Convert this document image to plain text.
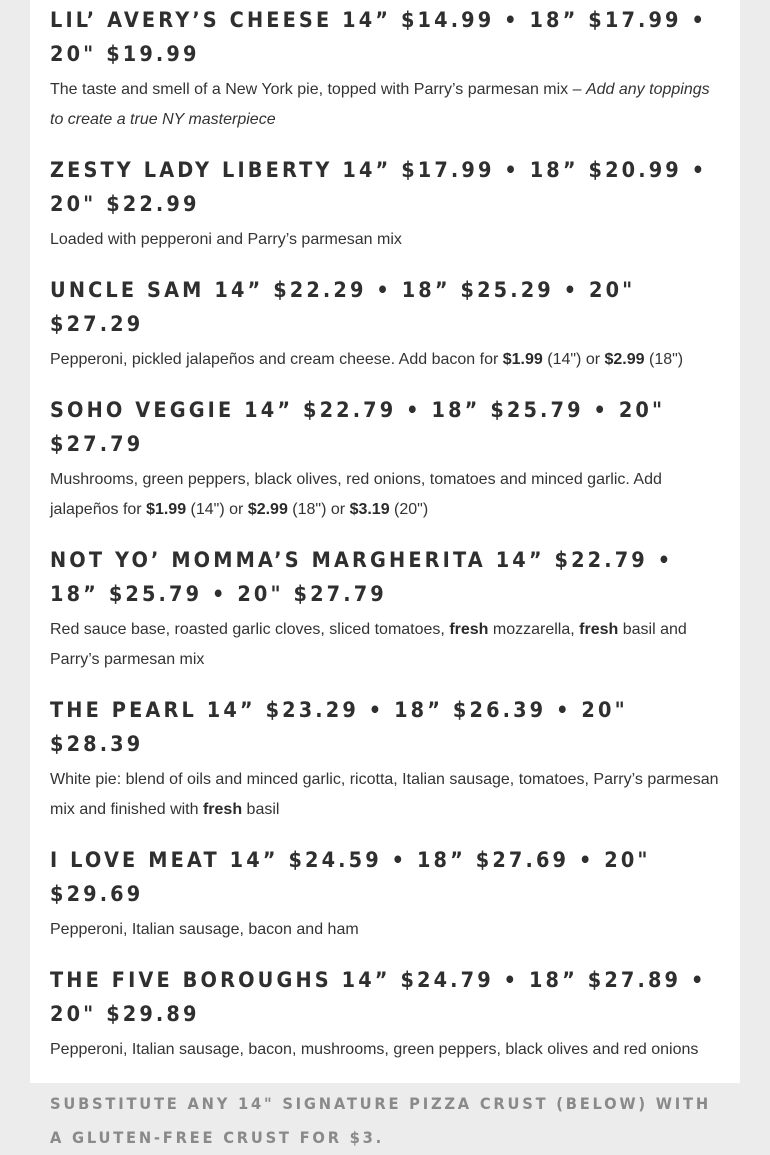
LIL’ AVERY’S CHEESE 14” $14.99 • 18” $17.99 • 20" $19.99

The taste and smell of a New York pie, topped with Parry’s parmesan mix – Add any toppings to create a true NY masterpiece

ZESTY LADY LIBERTY 14” $17.99 • 18” $20.99 • 20" $22.99

Loaded with pepperoni and Parry’s parmesan mix

UNCLE SAM 14” $22.29 • 18” $25.29 • 20" $27.29

Pepperoni, pickled jalapeños and cream cheese. Add bacon for $1.99 (14") or $2.99 (18")

SOHO VEGGIE 14” $22.79 • 18” $25.79 • 20" $27.79

Mushrooms, green peppers, black olives, red onions, tomatoes and minced garlic. Add jalapeños for $1.99 (14") or $2.99 (18") or $3.19 (20")

NOT YO’ MOMMA’S MARGHERITA 14” $22.79 • 18” $25.79 • 20" $27.79

Red sauce base, roasted garlic cloves, sliced tomatoes, fresh mozzarella, fresh basil and Parry’s parmesan mix

THE PEARL 14” $23.29 • 18” $26.39 • 20" $28.39

White pie: blend of oils and minced garlic, ricotta, Italian sausage, tomatoes, Parry’s parmesan mix and finished with fresh basil

I LOVE MEAT 14” $24.59 • 18” $27.69 • 20" $29.69

Pepperoni, Italian sausage, bacon and ham

THE FIVE BOROUGHS 14” $24.79 • 18” $27.89 • 20" $29.89

Pepperoni, Italian sausage, bacon, mushrooms, green peppers, black olives and red onions

SUBSTITUTE ANY 14" SIGNATURE PIZZA CRUST (BELOW) WITH A GLUTEN-FREE CRUST FOR $3.
